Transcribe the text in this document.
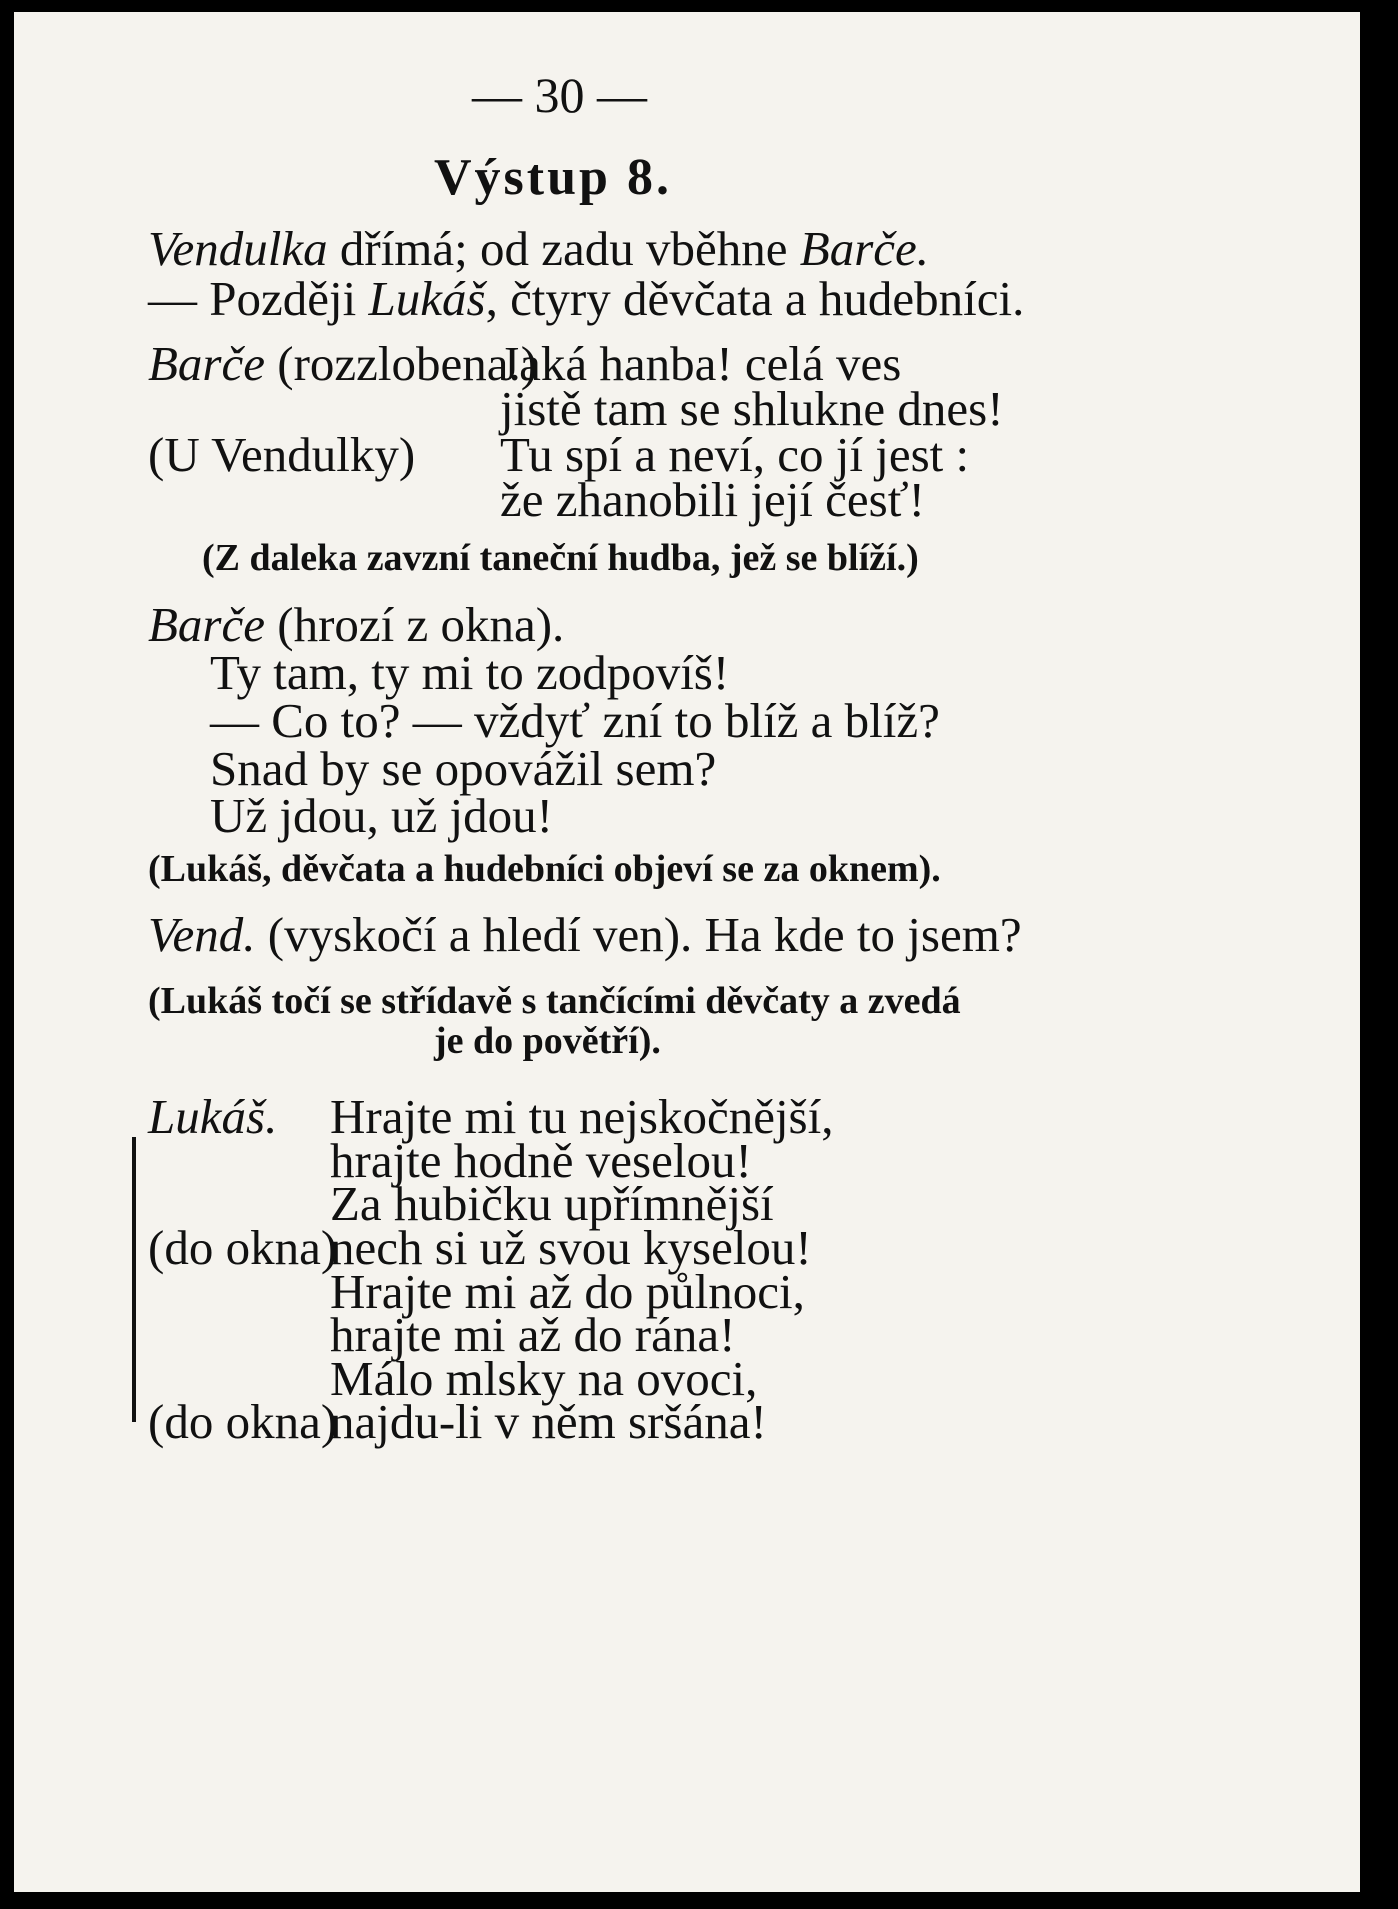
— 30 —
Výstup 8.
Vendulka dřímá; od zadu vběhne Barče.
— Později Lukáš, čtyry děvčata a hudebníci.
Barče (rozzlobena.)
Jaká hanba! celá ves
jistě tam se shlukne dnes!
(U Vendulky) Tu spí a neví, co jí jest :
že zhanobili její česť!
(Z daleka zavzní taneční hudba, jež se blíží.)
Barče (hrozí z okna).
Ty tam, ty mi to zodpovíš!
— Co to? — vždyť zní to blíž a blíž?
Snad by se opovážil sem?
Už jdou, už jdou!
(Lukáš, děvčata a hudebníci objeví se za oknem).
Vend. (vyskočí a hledí ven). Ha kde to jsem?
(Lukáš točí se střídavě s tančícími děvčaty a zvedá
je do povětří).
Lukáš.
(do okna)
(do okna)
Hrajte mi tu nejskočnější,
hrajte hodně veselou!
Za hubičku upřímnější
nech si už svou kyselou!
Hrajte mi až do půlnoci,
hrajte mi až do rána!
Málo mlsky na ovoci,
najdu-li v něm sršána!
